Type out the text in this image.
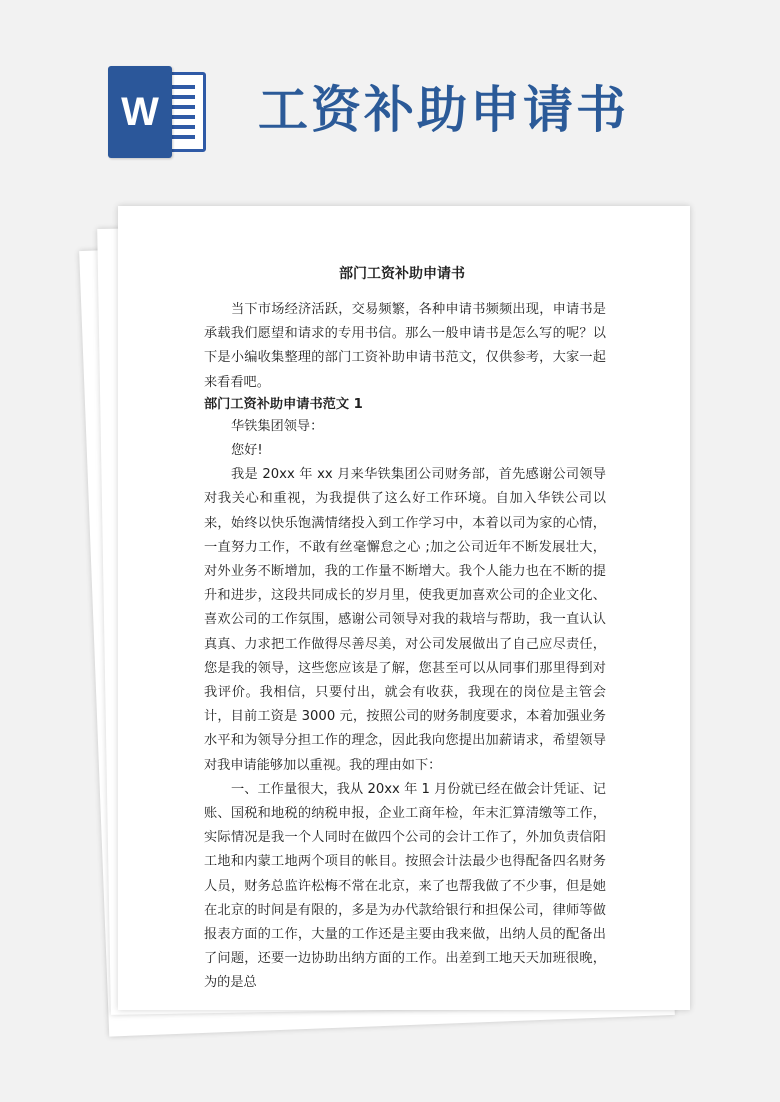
W 工资补助申请书
部门工资补助申请书

当下市场经济活跃，交易频繁，各种申请书频频出现，申请书是承载我们愿望和请求的专用书信。那么一般申请书是怎么写的呢？以下是小编收集整理的部门工资补助申请书范文，仅供参考，大家一起来看看吧。

部门工资补助申请书范文 1

华铁集团领导：

您好!

我是 20xx 年 xx 月来华铁集团公司财务部，首先感谢公司领导对我关心和重视，为我提供了这么好工作环境。自加入华铁公司以来，始终以快乐饱满情绪投入到工作学习中，本着以司为家的心情，一直努力工作，不敢有丝毫懈怠之心 ;加之公司近年不断发展壮大，对外业务不断增加，我的工作量不断增大。我个人能力也在不断的提升和进步，这段共同成长的岁月里，使我更加喜欢公司的企业文化、喜欢公司的工作氛围，感谢公司领导对我的栽培与帮助，我一直认认真真、力求把工作做得尽善尽美，对公司发展做出了自己应尽责任，您是我的领导，这些您应该是了解，您甚至可以从同事们那里得到对我评价。我相信，只要付出，就会有收获，我现在的岗位是主管会计，目前工资是 3000 元，按照公司的财务制度要求，本着加强业务水平和为领导分担工作的理念，因此我向您提出加薪请求，希望领导对我申请能够加以重视。我的理由如下：

一、工作量很大，我从 20xx 年 1 月份就已经在做会计凭证、记账、国税和地税的纳税申报，企业工商年检，年末汇算清缴等工作，实际情况是我一个人同时在做四个公司的会计工作了，外加负责信阳工地和内蒙工地两个项目的帐目。按照会计法最少也得配备四名财务人员，财务总监许松梅不常在北京，来了也帮我做了不少事，但是她在北京的时间是有限的，多是为办代款给银行和担保公司，律师等做报表方面的工作，大量的工作还是主要由我来做，出纳人员的配备出了问题，还要一边协助出纳方面的工作。出差到工地天天加班很晚，为的是总
